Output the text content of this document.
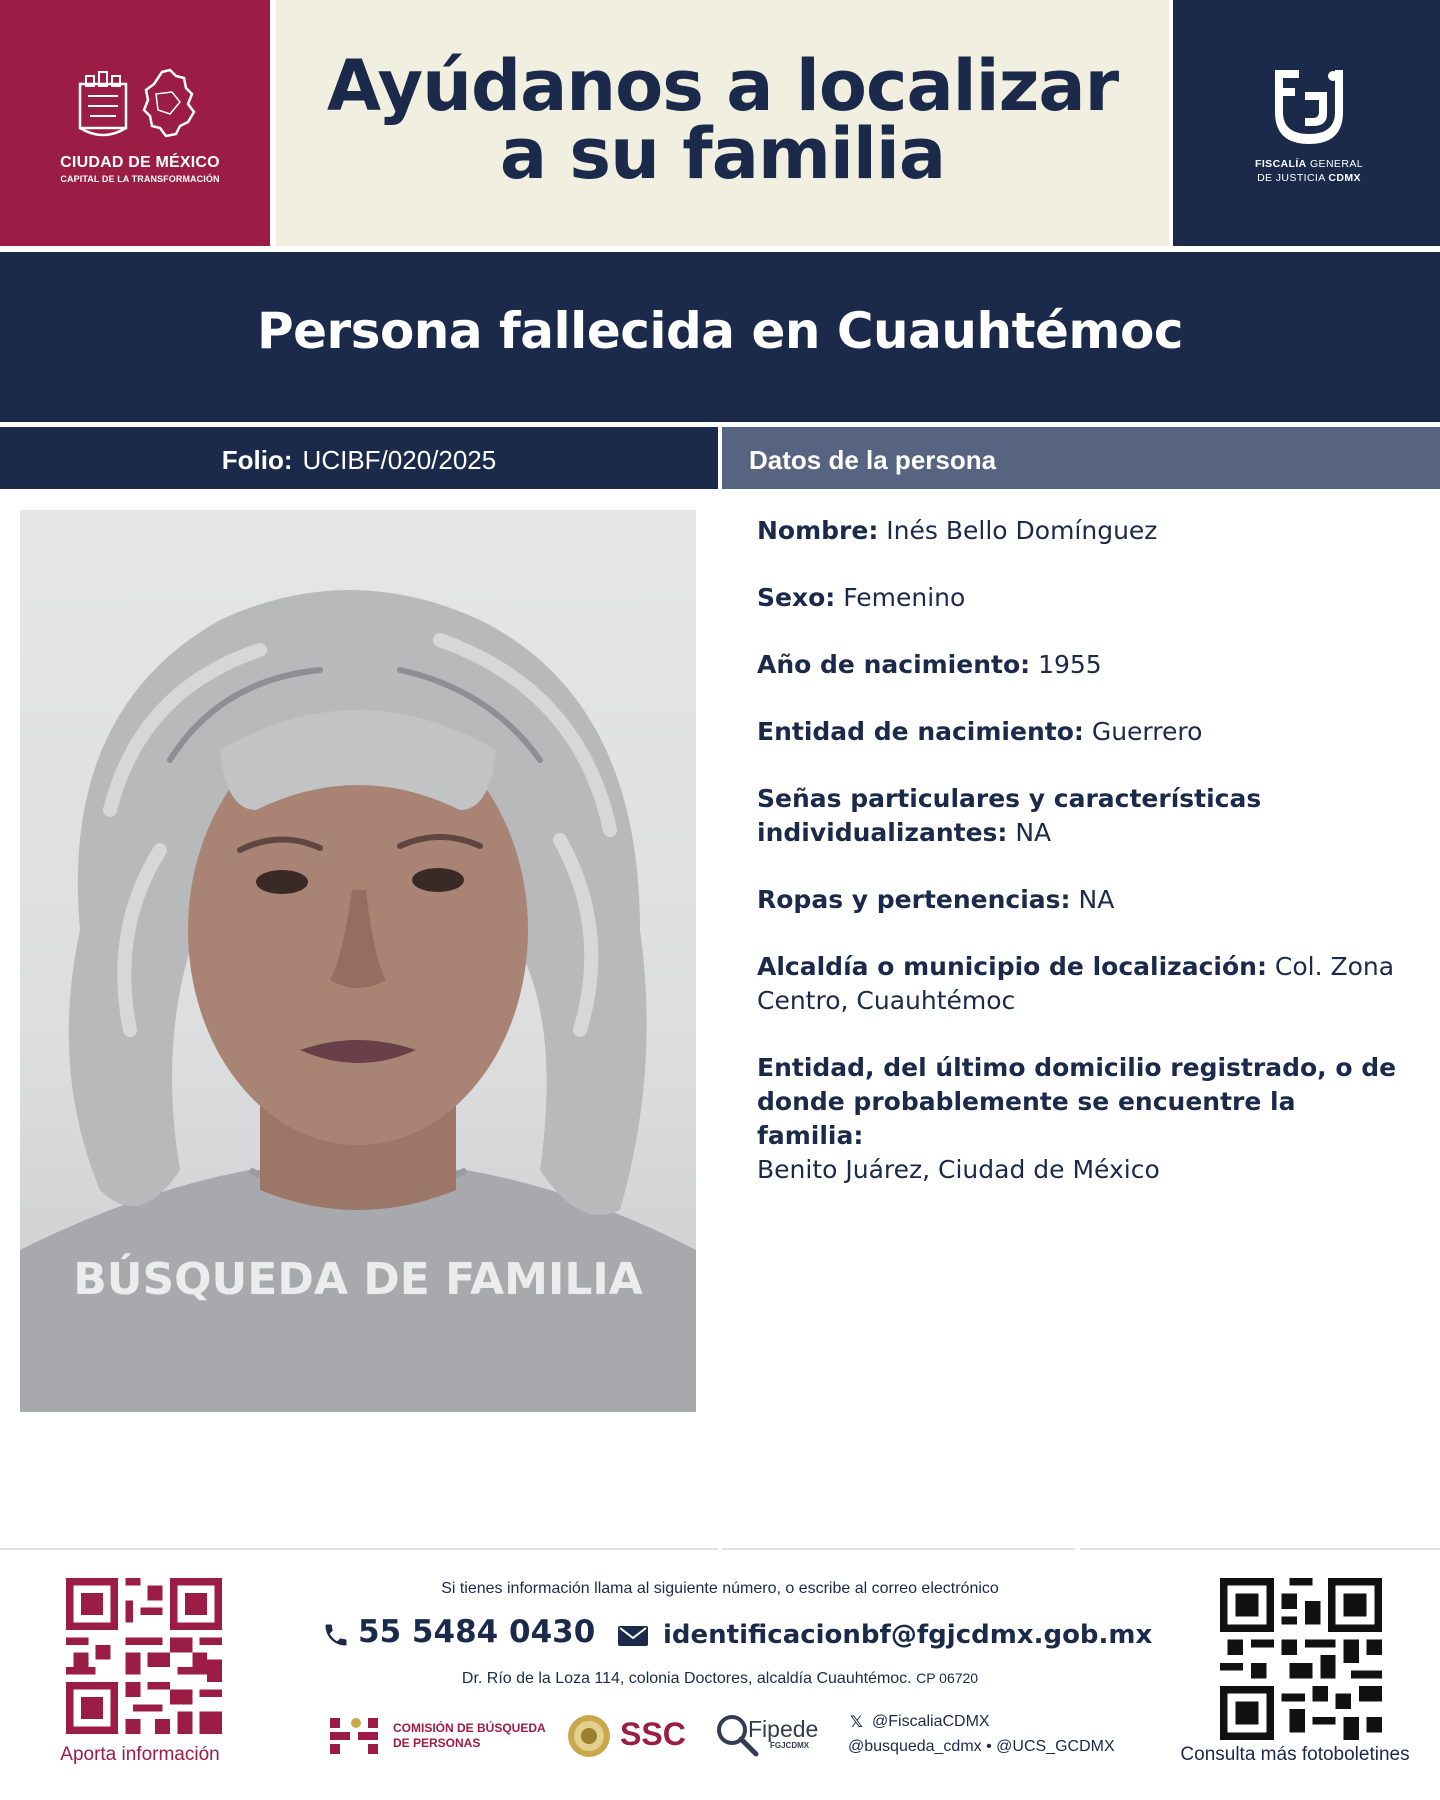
CIUDAD DE MÉXICO
CAPITAL DE LA TRANSFORMACIÓN
Ayúdanos a localizar
a su familia	FISCALÍA GENERAL
DE JUSTICIA CDMX
Persona fallecida en Cuauhtémoc
Folio: UCIBF/020/2025	Datos de la persona
BÚSQUEDA DE FAMILIA
Nombre: Inés Bello Domínguez
Sexo: Femenino
Año de nacimiento: 1955
Entidad de nacimiento: Guerrero
Señas particulares y características individualizantes: NA
Ropas y pertenencias: NA
Alcaldía o municipio de localización: Col. Zona Centro, Cuauhtémoc
Entidad, del último domicilio registrado, o de donde probablemente se encuentre la familia:
Benito Juárez, Ciudad de México
Aporta información
Si tienes información llama al siguiente número, o escribe al correo electrónico
55 5484 0430	identificacionbf@fgjcdmx.gob.mx
Dr. Río de la Loza 114, colonia Doctores, alcaldía Cuauhtémoc. CP 06720
COMISIÓN DE BÚSQUEDA
DE PERSONAS	SSC	Fipede
FGJCDMX
𝕏 @FiscaliaCDMX
@busqueda_cdmx • @UCS_GCDMX	Consulta más fotoboletines
